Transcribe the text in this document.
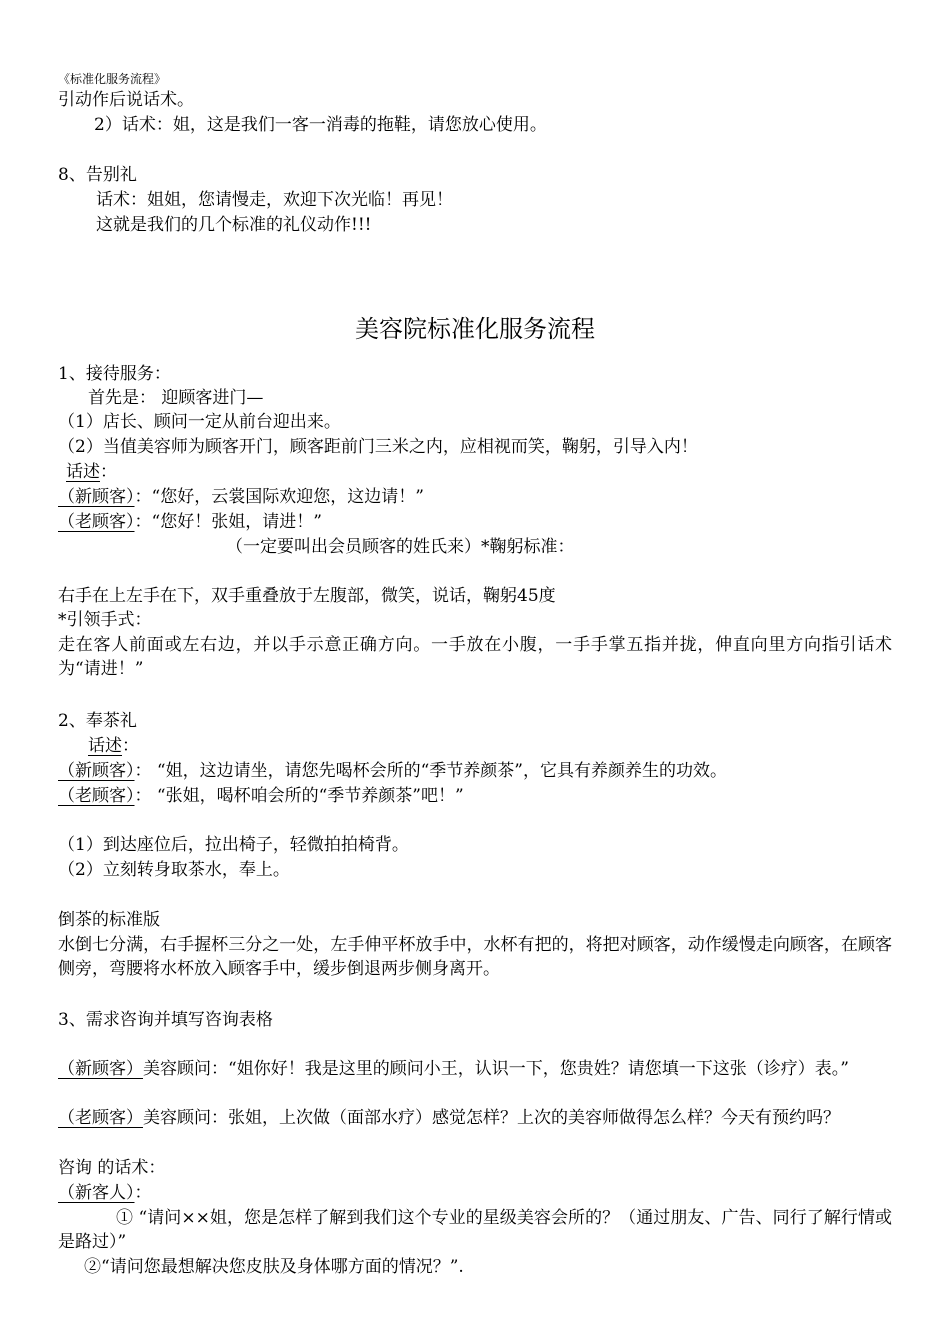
《标准化服务流程》
引动作后说话术。
2）话术：姐，这是我们一客一消毒的拖鞋，请您放心使用。
8、告别礼
话术：姐姐，您请慢走，欢迎下次光临！再见！
这就是我们的几个标准的礼仪动作!!!
美容院标准化服务流程
1、接待服务：
首先是： 迎顾客进门—
（1）店长、顾问一定从前台迎出来。
（2）当值美容师为顾客开门，顾客距前门三米之内，应相视而笑，鞠躬，引导入内！
话述：
（新顾客）：“您好，云裳国际欢迎您，这边请！”
（老顾客）：“您好！张姐，请进！”
（一定要叫出会员顾客的姓氏来）*鞠躬标准：
右手在上左手在下，双手重叠放于左腹部，微笑，说话，鞠躬45度
*引领手式：
走在客人前面或左右边，并以手示意正确方向。一手放在小腹，一手手掌五指并拢，伸直向里方向指引话术为“请进！”
2、奉茶礼
话述：
（新顾客）： “姐，这边请坐，请您先喝杯会所的“季节养颜茶”，它具有养颜养生的功效。
（老顾客）： “张姐，喝杯咱会所的“季节养颜茶”吧！”
（1）到达座位后，拉出椅子，轻微拍拍椅背。
（2）立刻转身取茶水，奉上。
倒茶的标准版
水倒七分满，右手握杯三分之一处，左手伸平杯放手中，水杯有把的，将把对顾客，动作缓慢走向顾客，在顾客侧旁，弯腰将水杯放入顾客手中，缓步倒退两步侧身离开。
3、需求咨询并填写咨询表格
（新顾客）美容顾问：“姐你好！我是这里的顾问小王，认识一下，您贵姓？请您填一下这张（诊疗）表。”
（老顾客）美容顾问：张姐，上次做（面部水疗）感觉怎样？上次的美容师做得怎么样？今天有预约吗？
咨询 的话术：
（新客人）：
① “请问××姐，您是怎样了解到我们这个专业的星级美容会所的？（通过朋友、广告、同行了解行情或是路过）”
②“请问您最想解决您皮肤及身体哪方面的情况？”.
